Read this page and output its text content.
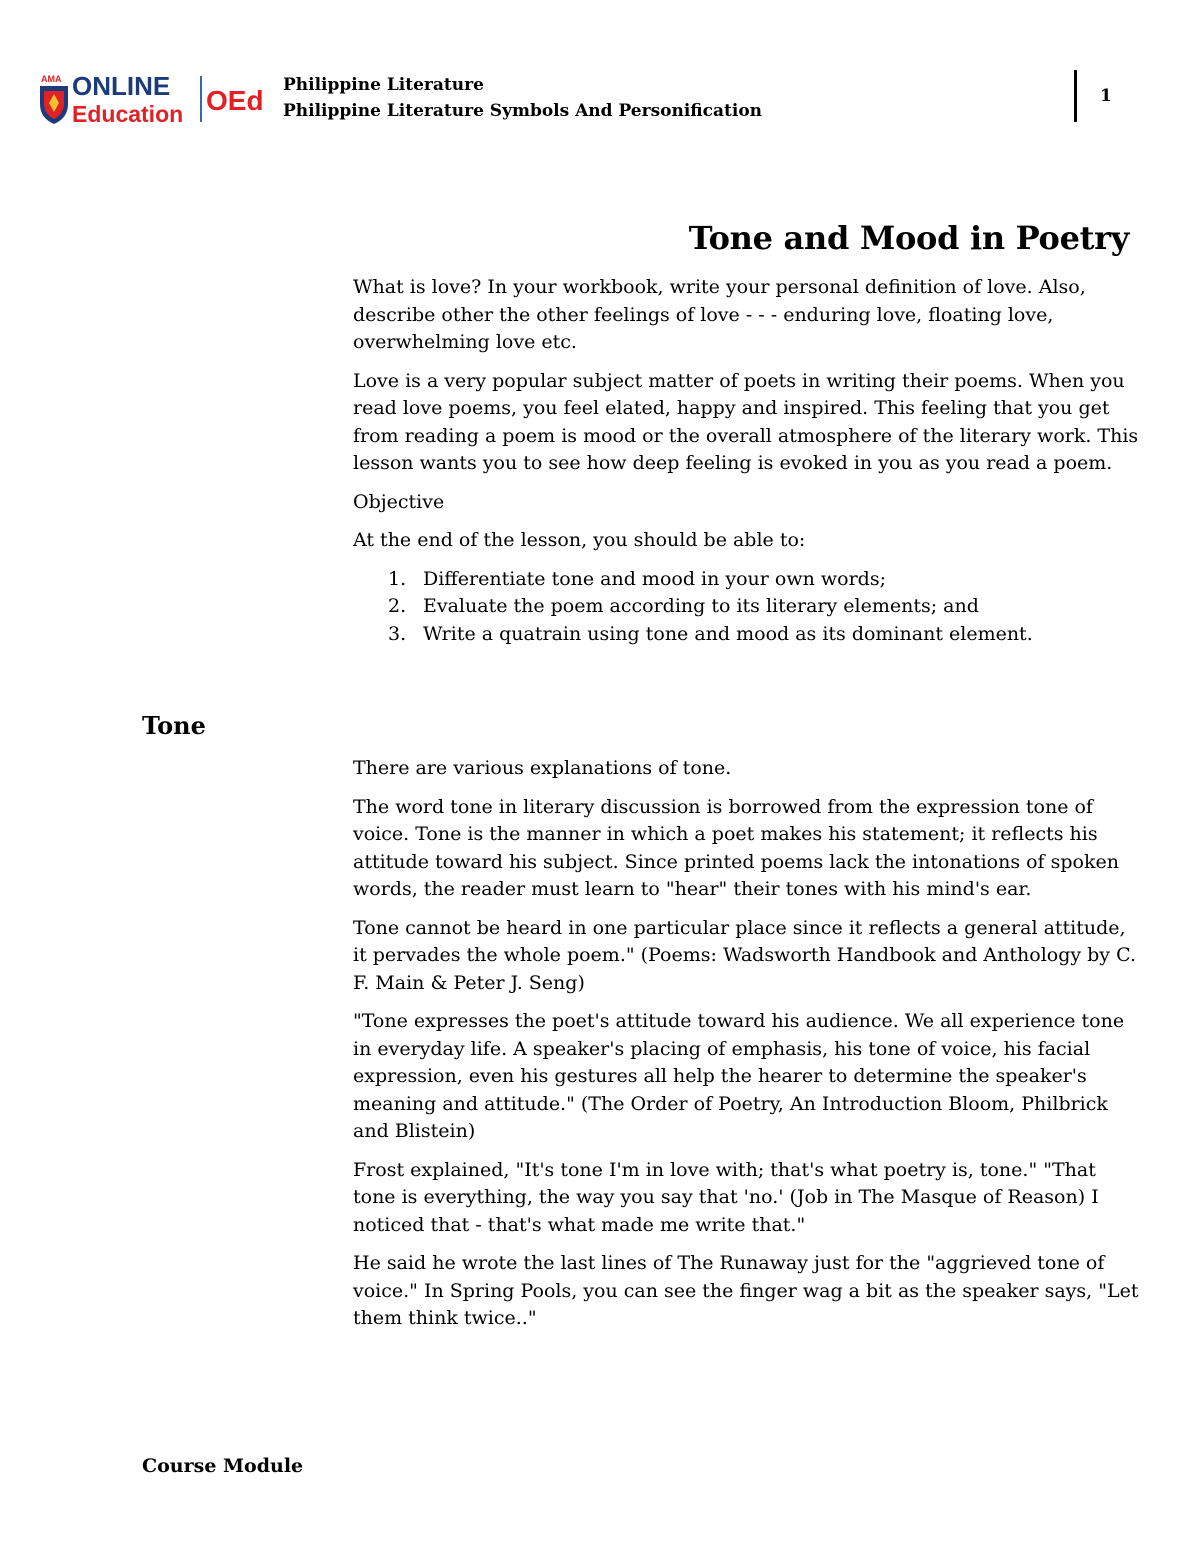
AMA ONLINE
Education OEd Philippine Literature
Philippine Literature Symbols And Personification
1
Tone and Mood in Poetry

What is love? In your workbook, write your personal definition of love. Also, describe other the other feelings of love - - - enduring love, floating love, overwhelming love etc.

Love is a very popular subject matter of poets in writing their poems. When you read love poems, you feel elated, happy and inspired. This feeling that you get from reading a poem is mood or the overall atmosphere of the literary work. This lesson wants you to see how deep feeling is evoked in you as you read a poem.

Objective

At the end of the lesson, you should be able to:

1. Differentiate tone and mood in your own words;
2. Evaluate the poem according to its literary elements; and
3. Write a quatrain using tone and mood as its dominant element.
Tone

There are various explanations of tone.

The word tone in literary discussion is borrowed from the expression tone of voice. Tone is the manner in which a poet makes his statement; it reflects his attitude toward his subject. Since printed poems lack the intonations of spoken words, the reader must learn to "hear" their tones with his mind's ear.

Tone cannot be heard in one particular place since it reflects a general attitude, it pervades the whole poem." (Poems: Wadsworth Handbook and Anthology by C. F. Main & Peter J. Seng)

"Tone expresses the poet's attitude toward his audience. We all experience tone in everyday life. A speaker's placing of emphasis, his tone of voice, his facial expression, even his gestures all help the hearer to determine the speaker's meaning and attitude." (The Order of Poetry, An Introduction Bloom, Philbrick and Blistein)

Frost explained, "It's tone I'm in love with; that's what poetry is, tone." "That tone is everything, the way you say that 'no.' (Job in The Masque of Reason) I noticed that - that's what made me write that."

He said he wrote the last lines of The Runaway just for the "aggrieved tone of voice." In Spring Pools, you can see the finger wag a bit as the speaker says, "Let them think twice.."

Course Module
